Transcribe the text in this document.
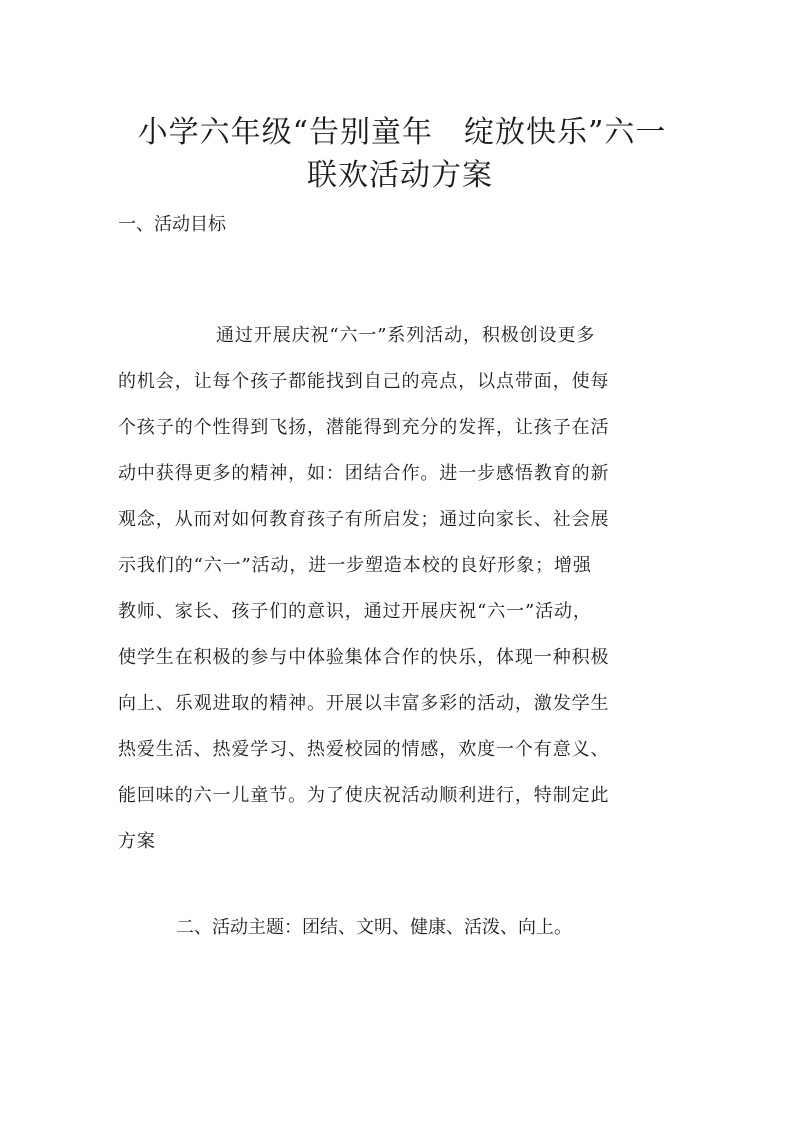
小学六年级“告别童年　绽放快乐”六一
联欢活动方案
一、活动目标
通过开展庆祝“六一”系列活动，积极创设更多
的机会，让每个孩子都能找到自己的亮点，以点带面，使每
个孩子的个性得到飞扬，潜能得到充分的发挥，让孩子在活
动中获得更多的精神，如：团结合作。进一步感悟教育的新
观念，从而对如何教育孩子有所启发；通过向家长、社会展
示我们的“六一”活动，进一步塑造本校的良好形象；增强
教师、家长、孩子们的意识，通过开展庆祝“六一”活动，
使学生在积极的参与中体验集体合作的快乐，体现一种积极
向上、乐观进取的精神。开展以丰富多彩的活动，激发学生
热爱生活、热爱学习、热爱校园的情感，欢度一个有意义、
能回味的六一儿童节。为了使庆祝活动顺利进行，特制定此
方案
二、活动主题：团结、文明、健康、活泼、向上。
